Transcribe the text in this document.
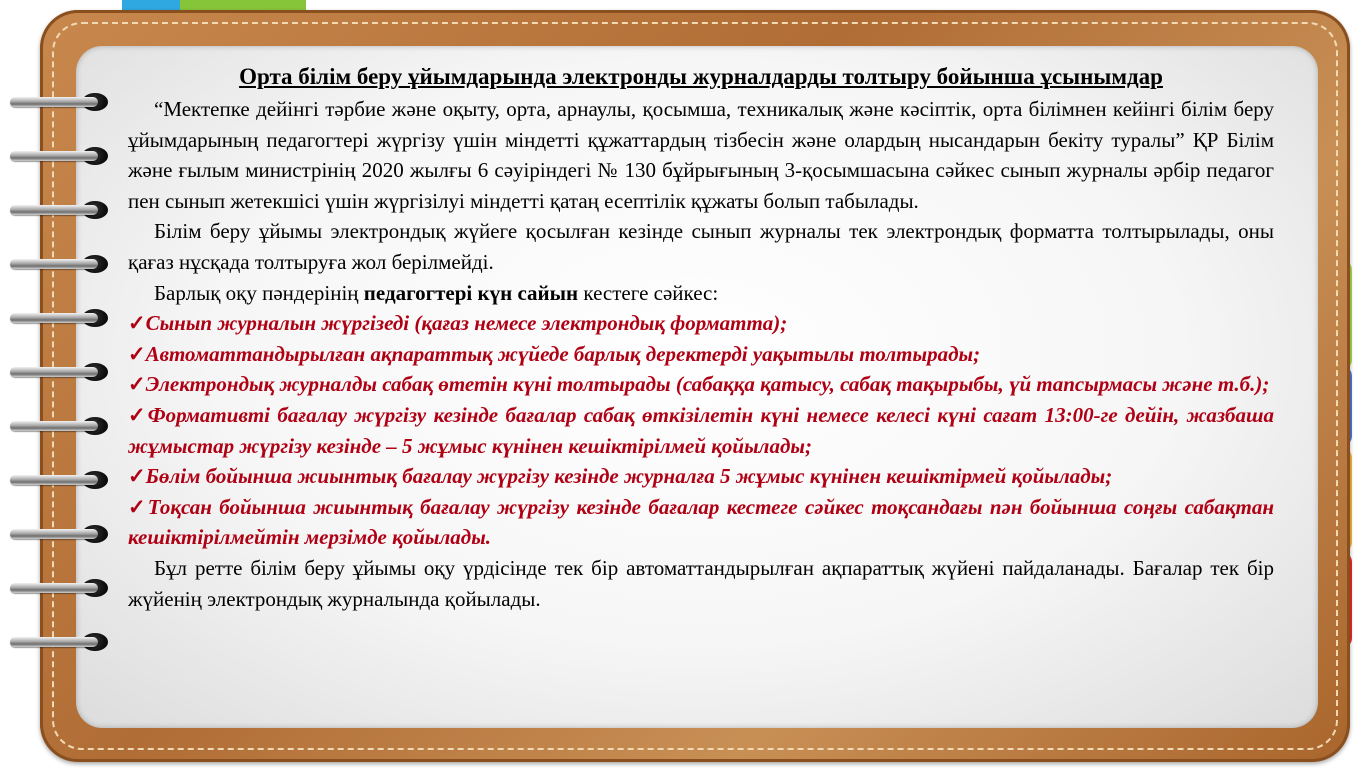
Орта білім беру ұйымдарында электронды журналдарды толтыру бойынша ұсынымдар

“Мектепке дейінгі тәрбие және оқыту, орта, арнаулы, қосымша, техникалық және кәсіптік, орта білімнен кейінгі білім беру ұйымдарының педагогтері жүргізу үшін міндетті құжаттардың тізбесін және олардың нысандарын бекіту туралы” ҚР Білім және ғылым министрінің 2020 жылғы 6 сәуіріндегі № 130 бұйрығының 3-қосымшасына сәйкес сынып журналы әрбір педагог пен сынып жетекшісі үшін жүргізілуі міндетті қатаң есептілік құжаты болып табылады.

Білім беру ұйымы электрондық жүйеге қосылған кезінде сынып журналы тек электрондық форматта толтырылады, оны қағаз нұсқада толтыруға жол берілмейді.

Барлық оқу пәндерінің педагогтері күн сайын кестеге сәйкес:

✓Сынып журналын жүргізеді (қағаз немесе электрондық форматта);

✓Автоматтандырылған ақпараттық жүйеде барлық деректерді уақытылы толтырады;

✓Электрондық журналды сабақ өтетін күні толтырады (сабаққа қатысу, сабақ тақырыбы, үй тапсырмасы және т.б.);

✓Формативті бағалау жүргізу кезінде бағалар сабақ өткізілетін күні немесе келесі күні сағат 13:00-ге дейін, жазбаша жұмыстар жүргізу кезінде – 5 жұмыс күнінен кешіктірілмей қойылады;

✓Бөлім бойынша жиынтық бағалау жүргізу кезінде журналға 5 жұмыс күнінен кешіктірмей қойылады;

✓Тоқсан бойынша жиынтық бағалау жүргізу кезінде бағалар кестеге сәйкес тоқсандағы пән бойынша соңғы сабақтан кешіктірілмейтін мерзімде қойылады.

Бұл ретте білім беру ұйымы оқу үрдісінде тек бір автоматтандырылған ақпараттық жүйені пайдаланады. Бағалар тек бір жүйенің электрондық журналында қойылады.
